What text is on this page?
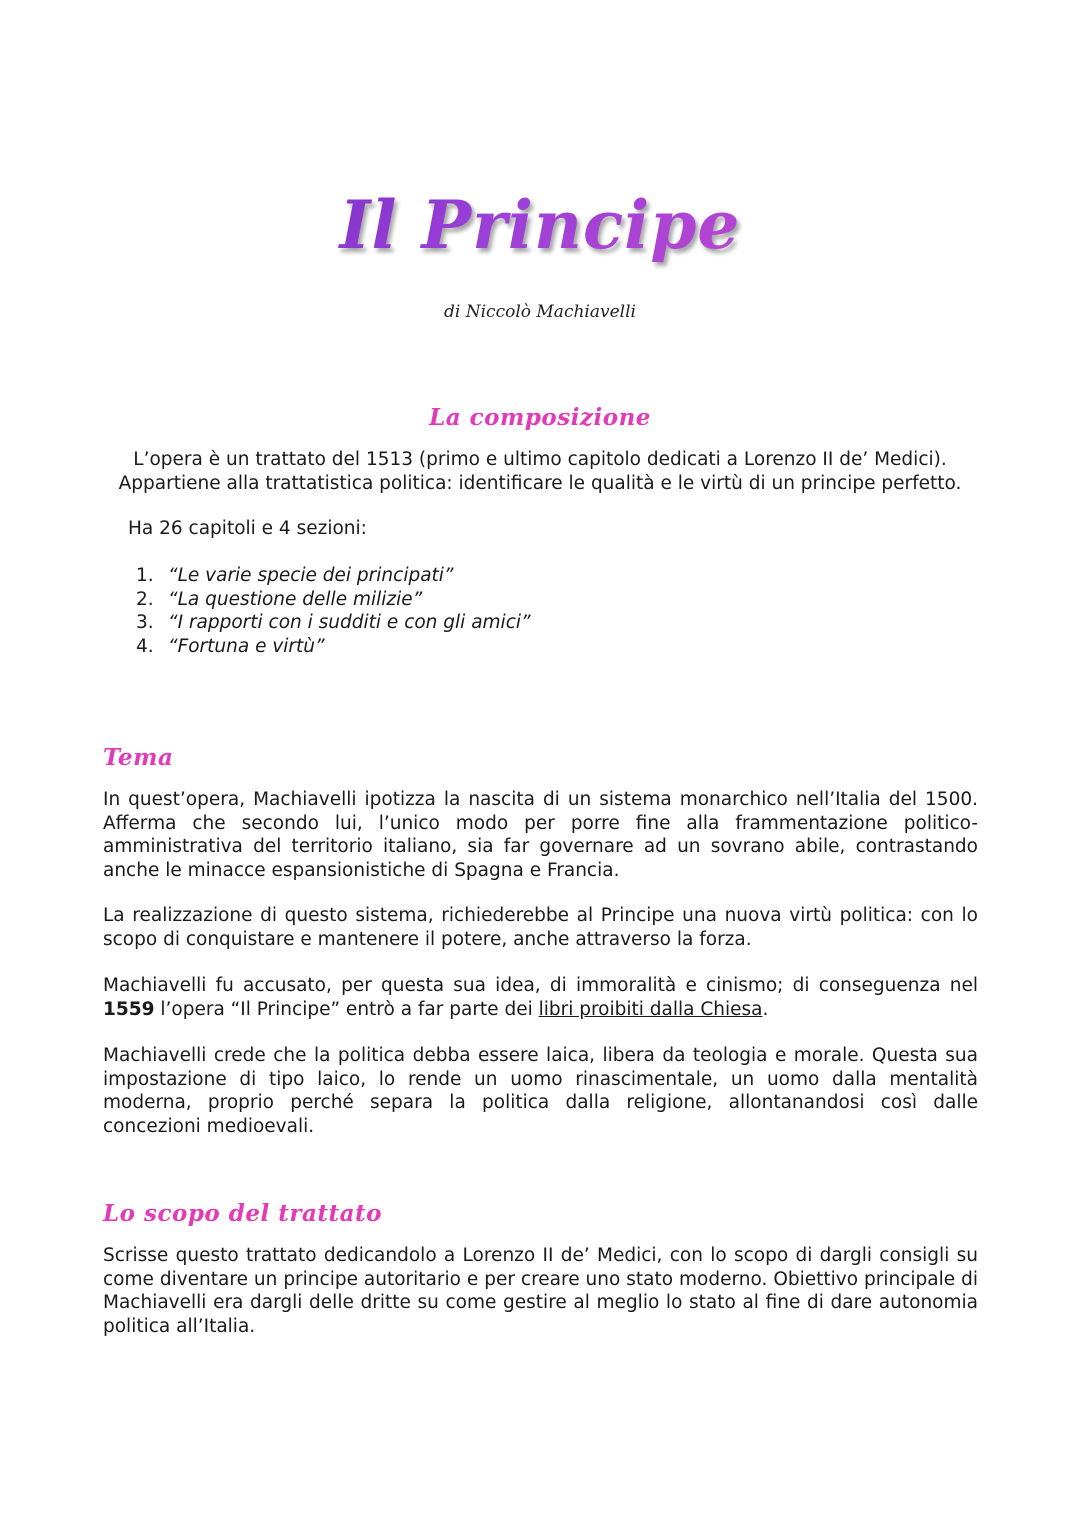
Il Principe
di Niccolò Machiavelli
La composizione
L’opera è un trattato del 1513 (primo e ultimo capitolo dedicati a Lorenzo II de’ Medici).
Appartiene alla trattatistica politica: identificare le qualità e le virtù di un principe perfetto.
Ha 26 capitoli e 4 sezioni:
1. “Le varie specie dei principati”
2. “La questione delle milizie”
3. “I rapporti con i sudditi e con gli amici”
4. “Fortuna e virtù”
Tema
In quest’opera, Machiavelli ipotizza la nascita di un sistema monarchico nell’Italia del 1500. Afferma che secondo lui, l’unico modo per porre fine alla frammentazione politico-amministrativa del territorio italiano, sia far governare ad un sovrano abile, contrastando anche le minacce espansionistiche di Spagna e Francia.
La realizzazione di questo sistema, richiederebbe al Principe una nuova virtù politica: con lo scopo di conquistare e mantenere il potere, anche attraverso la forza.
Machiavelli fu accusato, per questa sua idea, di immoralità e cinismo; di conseguenza nel 1559 l’opera “Il Principe” entrò a far parte dei libri proibiti dalla Chiesa.
Machiavelli crede che la politica debba essere laica, libera da teologia e morale. Questa sua impostazione di tipo laico, lo rende un uomo rinascimentale, un uomo dalla mentalità moderna, proprio perché separa la politica dalla religione, allontanandosi così dalle concezioni medioevali.
Lo scopo del trattato
Scrisse questo trattato dedicandolo a Lorenzo II de’ Medici, con lo scopo di dargli consigli su come diventare un principe autoritario e per creare uno stato moderno. Obiettivo principale di Machiavelli era dargli delle dritte su come gestire al meglio lo stato al fine di dare autonomia politica all’Italia.
